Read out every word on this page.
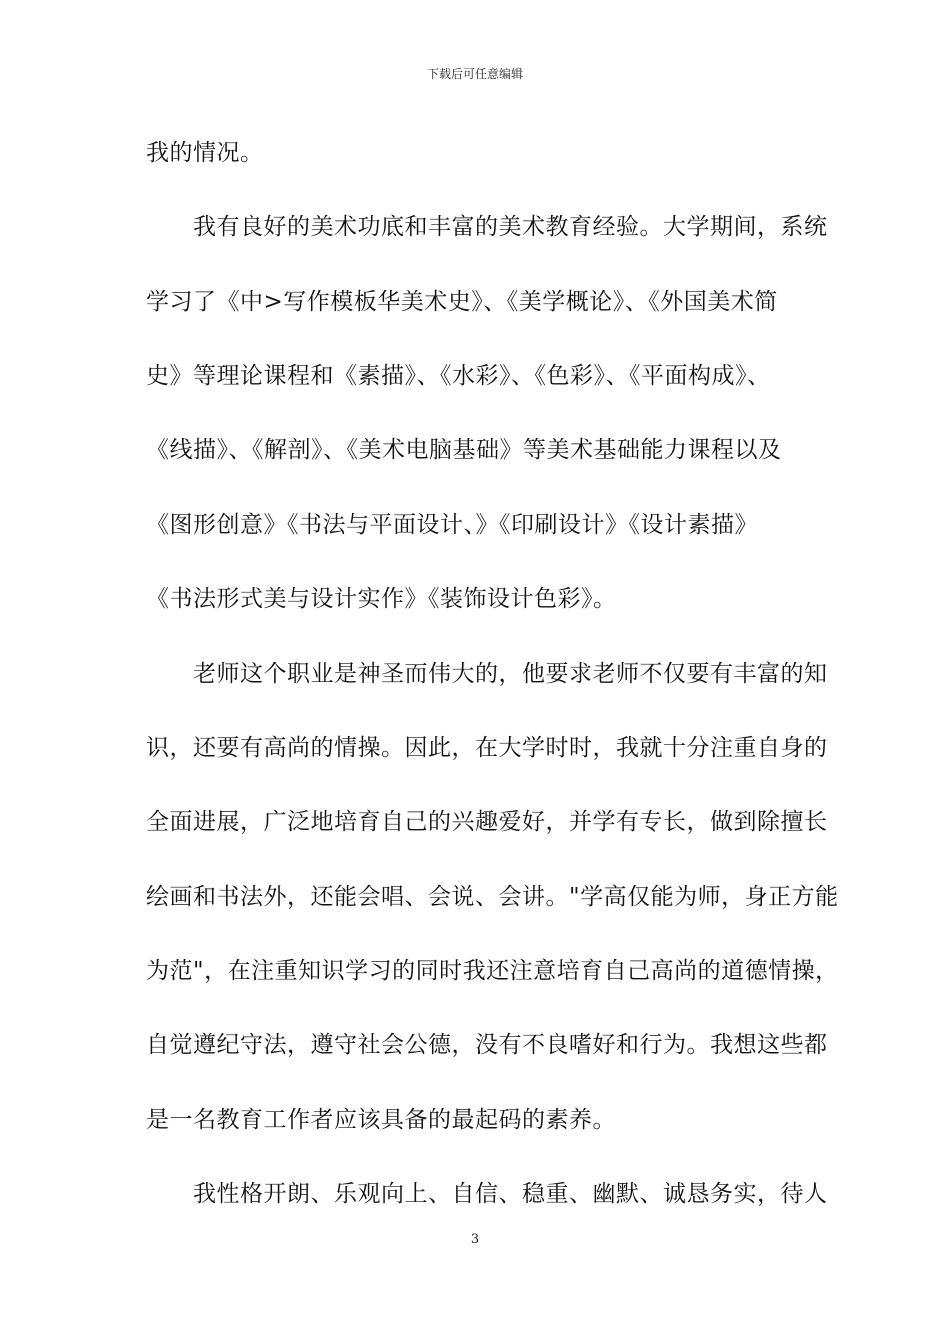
下载后可任意编辑
我的情况。
　　我有良好的美术功底和丰富的美术教育经验。大学期间，系统
学习了《中>写作模板华美术史》、《美学概论》、《外国美术简
史》等理论课程和《素描》、《水彩》、《色彩》、《平面构成》、
《线描》、《解剖》、《美术电脑基础》等美术基础能力课程以及
《图形创意》《书法与平面设计、》《印刷设计》《设计素描》
《书法形式美与设计实作》《装饰设计色彩》。
　　老师这个职业是神圣而伟大的，他要求老师不仅要有丰富的知
识，还要有高尚的情操。因此，在大学时时，我就十分注重自身的
全面进展，广泛地培育自己的兴趣爱好，并学有专长，做到除擅长
绘画和书法外，还能会唱、会说、会讲。"学高仅能为师，身正方能
为范"，在注重知识学习的同时我还注意培育自己高尚的道德情操，
自觉遵纪守法，遵守社会公德，没有不良嗜好和行为。我想这些都
是一名教育工作者应该具备的最起码的素养。
　　我性格开朗、乐观向上、自信、稳重、幽默、诚恳务实，待人
3
